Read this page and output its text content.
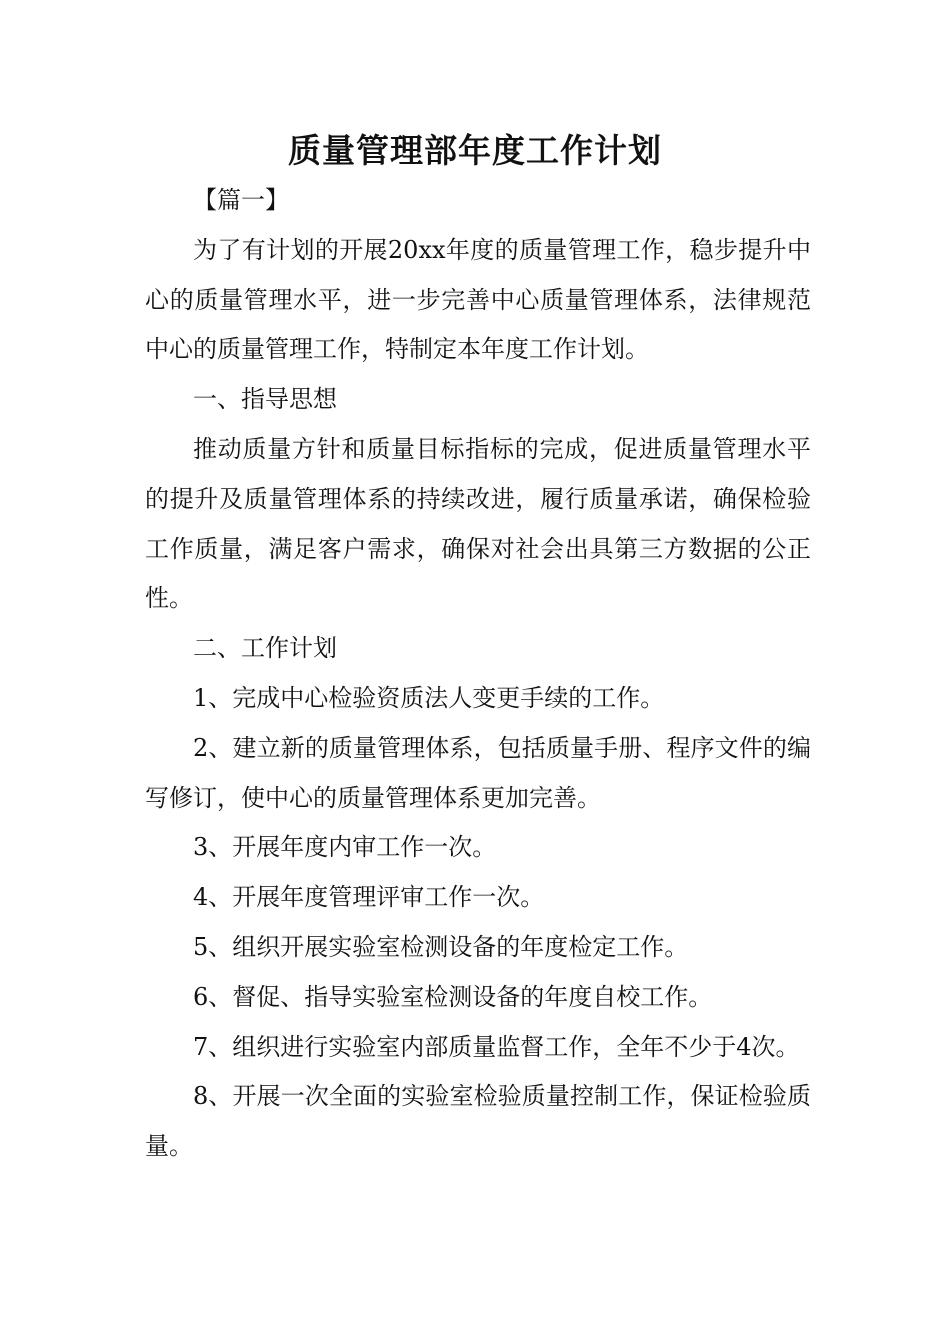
质量管理部年度工作计划

【篇一】

为了有计划的开展20xx年度的质量管理工作，稳步提升中心的质量管理水平，进一步完善中心质量管理体系，法律规范中心的质量管理工作，特制定本年度工作计划。

一、指导思想

推动质量方针和质量目标指标的完成，促进质量管理水平的提升及质量管理体系的持续改进，履行质量承诺，确保检验工作质量，满足客户需求，确保对社会出具第三方数据的公正性。

二、工作计划

1、完成中心检验资质法人变更手续的工作。

2、建立新的质量管理体系，包括质量手册、程序文件的编写修订，使中心的质量管理体系更加完善。

3、开展年度内审工作一次。

4、开展年度管理评审工作一次。

5、组织开展实验室检测设备的年度检定工作。

6、督促、指导实验室检测设备的年度自校工作。

7、组织进行实验室内部质量监督工作，全年不少于4次。

8、开展一次全面的实验室检验质量控制工作，保证检验质量。
